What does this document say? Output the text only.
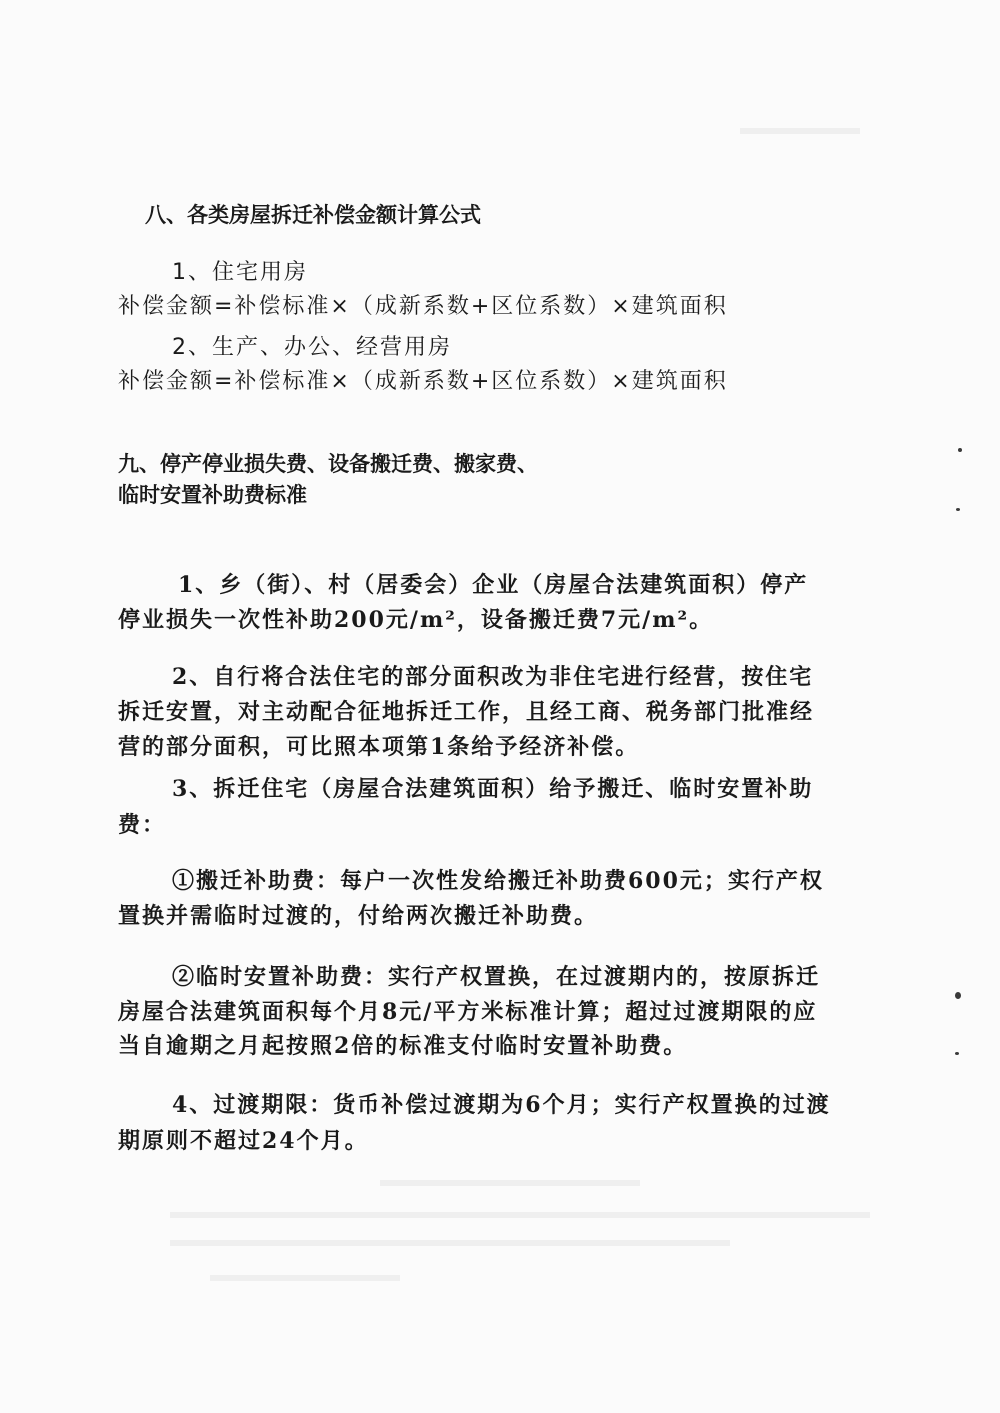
八、各类房屋拆迁补偿金额计算公式
1、住宅用房
补偿金额=补偿标准×（成新系数+区位系数）×建筑面积
2、生产、办公、经营用房
补偿金额=补偿标准×（成新系数+区位系数）×建筑面积
九、停产停业损失费、设备搬迁费、搬家费、
临时安置补助费标准
1、乡（街）、村（居委会）企业（房屋合法建筑面积）停产
停业损失一次性补助200元/m²，设备搬迁费7元/m²。
2、自行将合法住宅的部分面积改为非住宅进行经营，按住宅
拆迁安置，对主动配合征地拆迁工作，且经工商、税务部门批准经
营的部分面积，可比照本项第1条给予经济补偿。
3、拆迁住宅（房屋合法建筑面积）给予搬迁、临时安置补助
费：
①搬迁补助费：每户一次性发给搬迁补助费600元；实行产权
置换并需临时过渡的，付给两次搬迁补助费。
②临时安置补助费：实行产权置换，在过渡期内的，按原拆迁
房屋合法建筑面积每个月8元/平方米标准计算；超过过渡期限的应
当自逾期之月起按照2倍的标准支付临时安置补助费。
4、过渡期限：货币补偿过渡期为6个月；实行产权置换的过渡
期原则不超过24个月。
